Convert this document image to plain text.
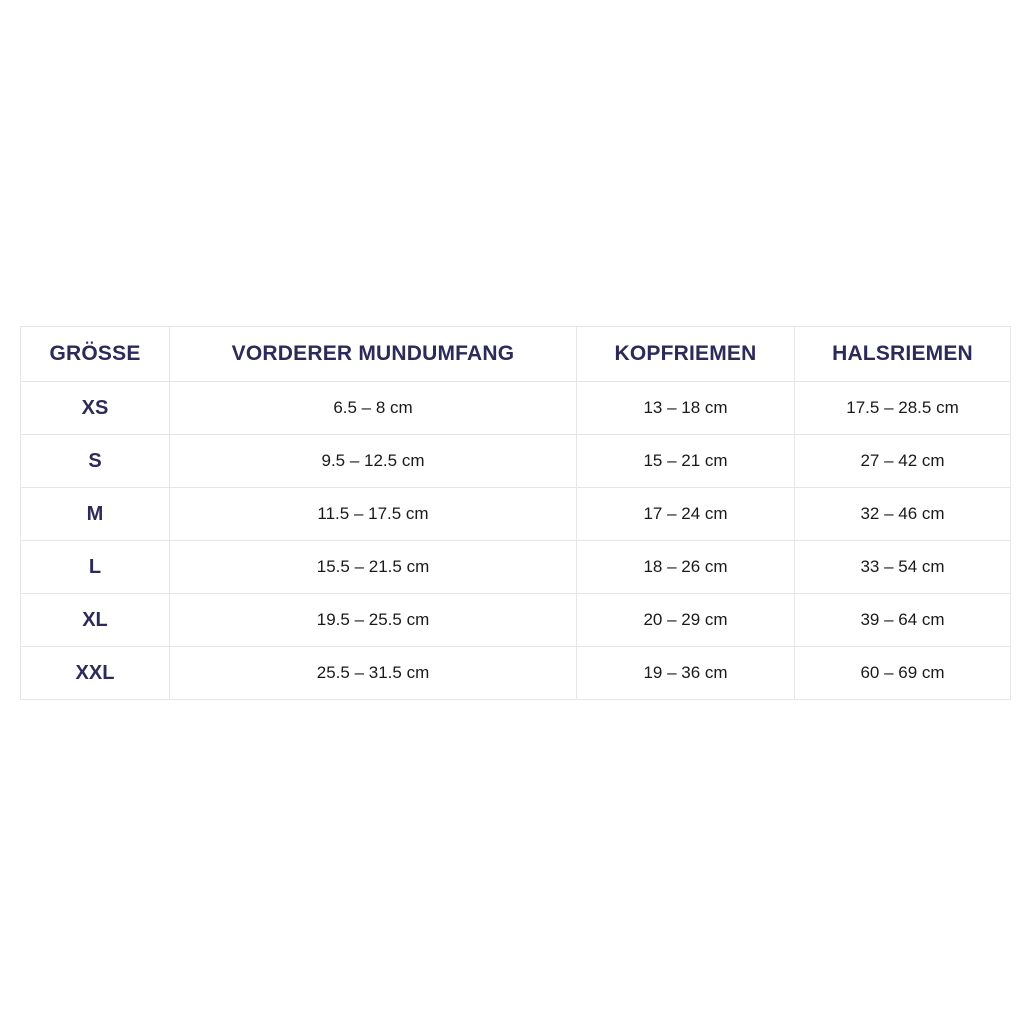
GRÖSSE	VORDERER MUNDUMFANG	KOPFRIEMEN	HALSRIEMEN
XS	6.5 – 8 cm	13 – 18 cm	17.5 – 28.5 cm
S	9.5 – 12.5 cm	15 – 21 cm	27 – 42 cm
M	11.5 – 17.5 cm	17 – 24 cm	32 – 46 cm
L	15.5 – 21.5 cm	18 – 26 cm	33 – 54 cm
XL	19.5 – 25.5 cm	20 – 29 cm	39 – 64 cm
XXL	25.5 – 31.5 cm	19 – 36 cm	60 – 69 cm
